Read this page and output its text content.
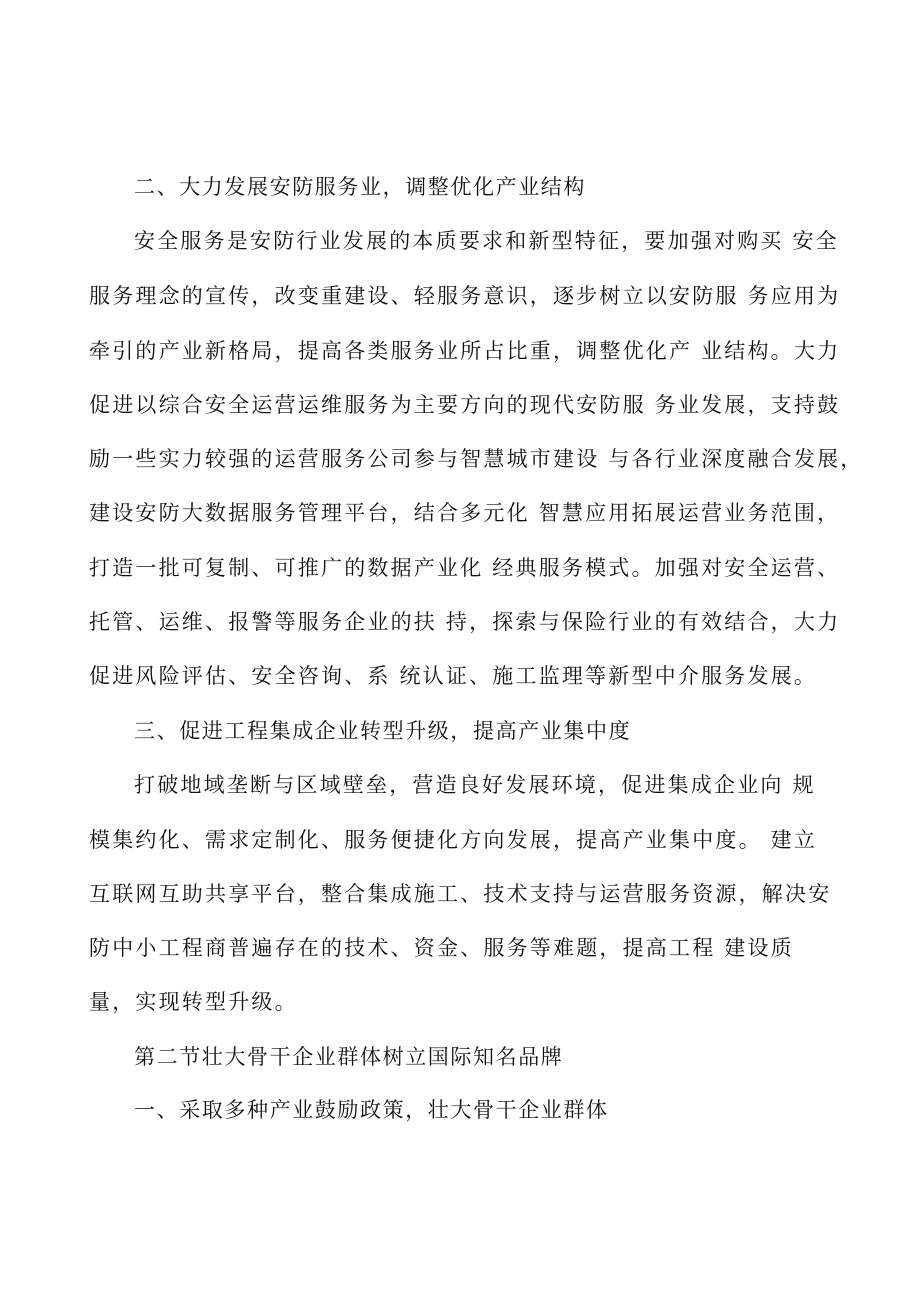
二、大力发展安防服务业，调整优化产业结构
安全服务是安防行业发展的本质要求和新型特征，要加强对购买 安全
服务理念的宣传，改变重建设、轻服务意识，逐步树立以安防服 务应用为
牵引的产业新格局，提高各类服务业所占比重，调整优化产 业结构。大力
促进以综合安全运营运维服务为主要方向的现代安防服 务业发展，支持鼓
励一些实力较强的运营服务公司参与智慧城市建设 与各行业深度融合发展，
建设安防大数据服务管理平台，结合多元化 智慧应用拓展运营业务范围，
打造一批可复制、可推广的数据产业化 经典服务模式。加强对安全运营、
托管、运维、报警等服务企业的扶 持，探索与保险行业的有效结合，大力
促进风险评估、安全咨询、系 统认证、施工监理等新型中介服务发展。
三、促进工程集成企业转型升级，提高产业集中度
打破地域垄断与区域壁垒，营造良好发展环境，促进集成企业向 规
模集约化、需求定制化、服务便捷化方向发展，提高产业集中度。 建立
互联网互助共享平台，整合集成施工、技术支持与运营服务资源，解决安
防中小工程商普遍存在的技术、资金、服务等难题，提高工程 建设质
量，实现转型升级。
第二节壮大骨干企业群体树立国际知名品牌
一、采取多种产业鼓励政策，壮大骨干企业群体
